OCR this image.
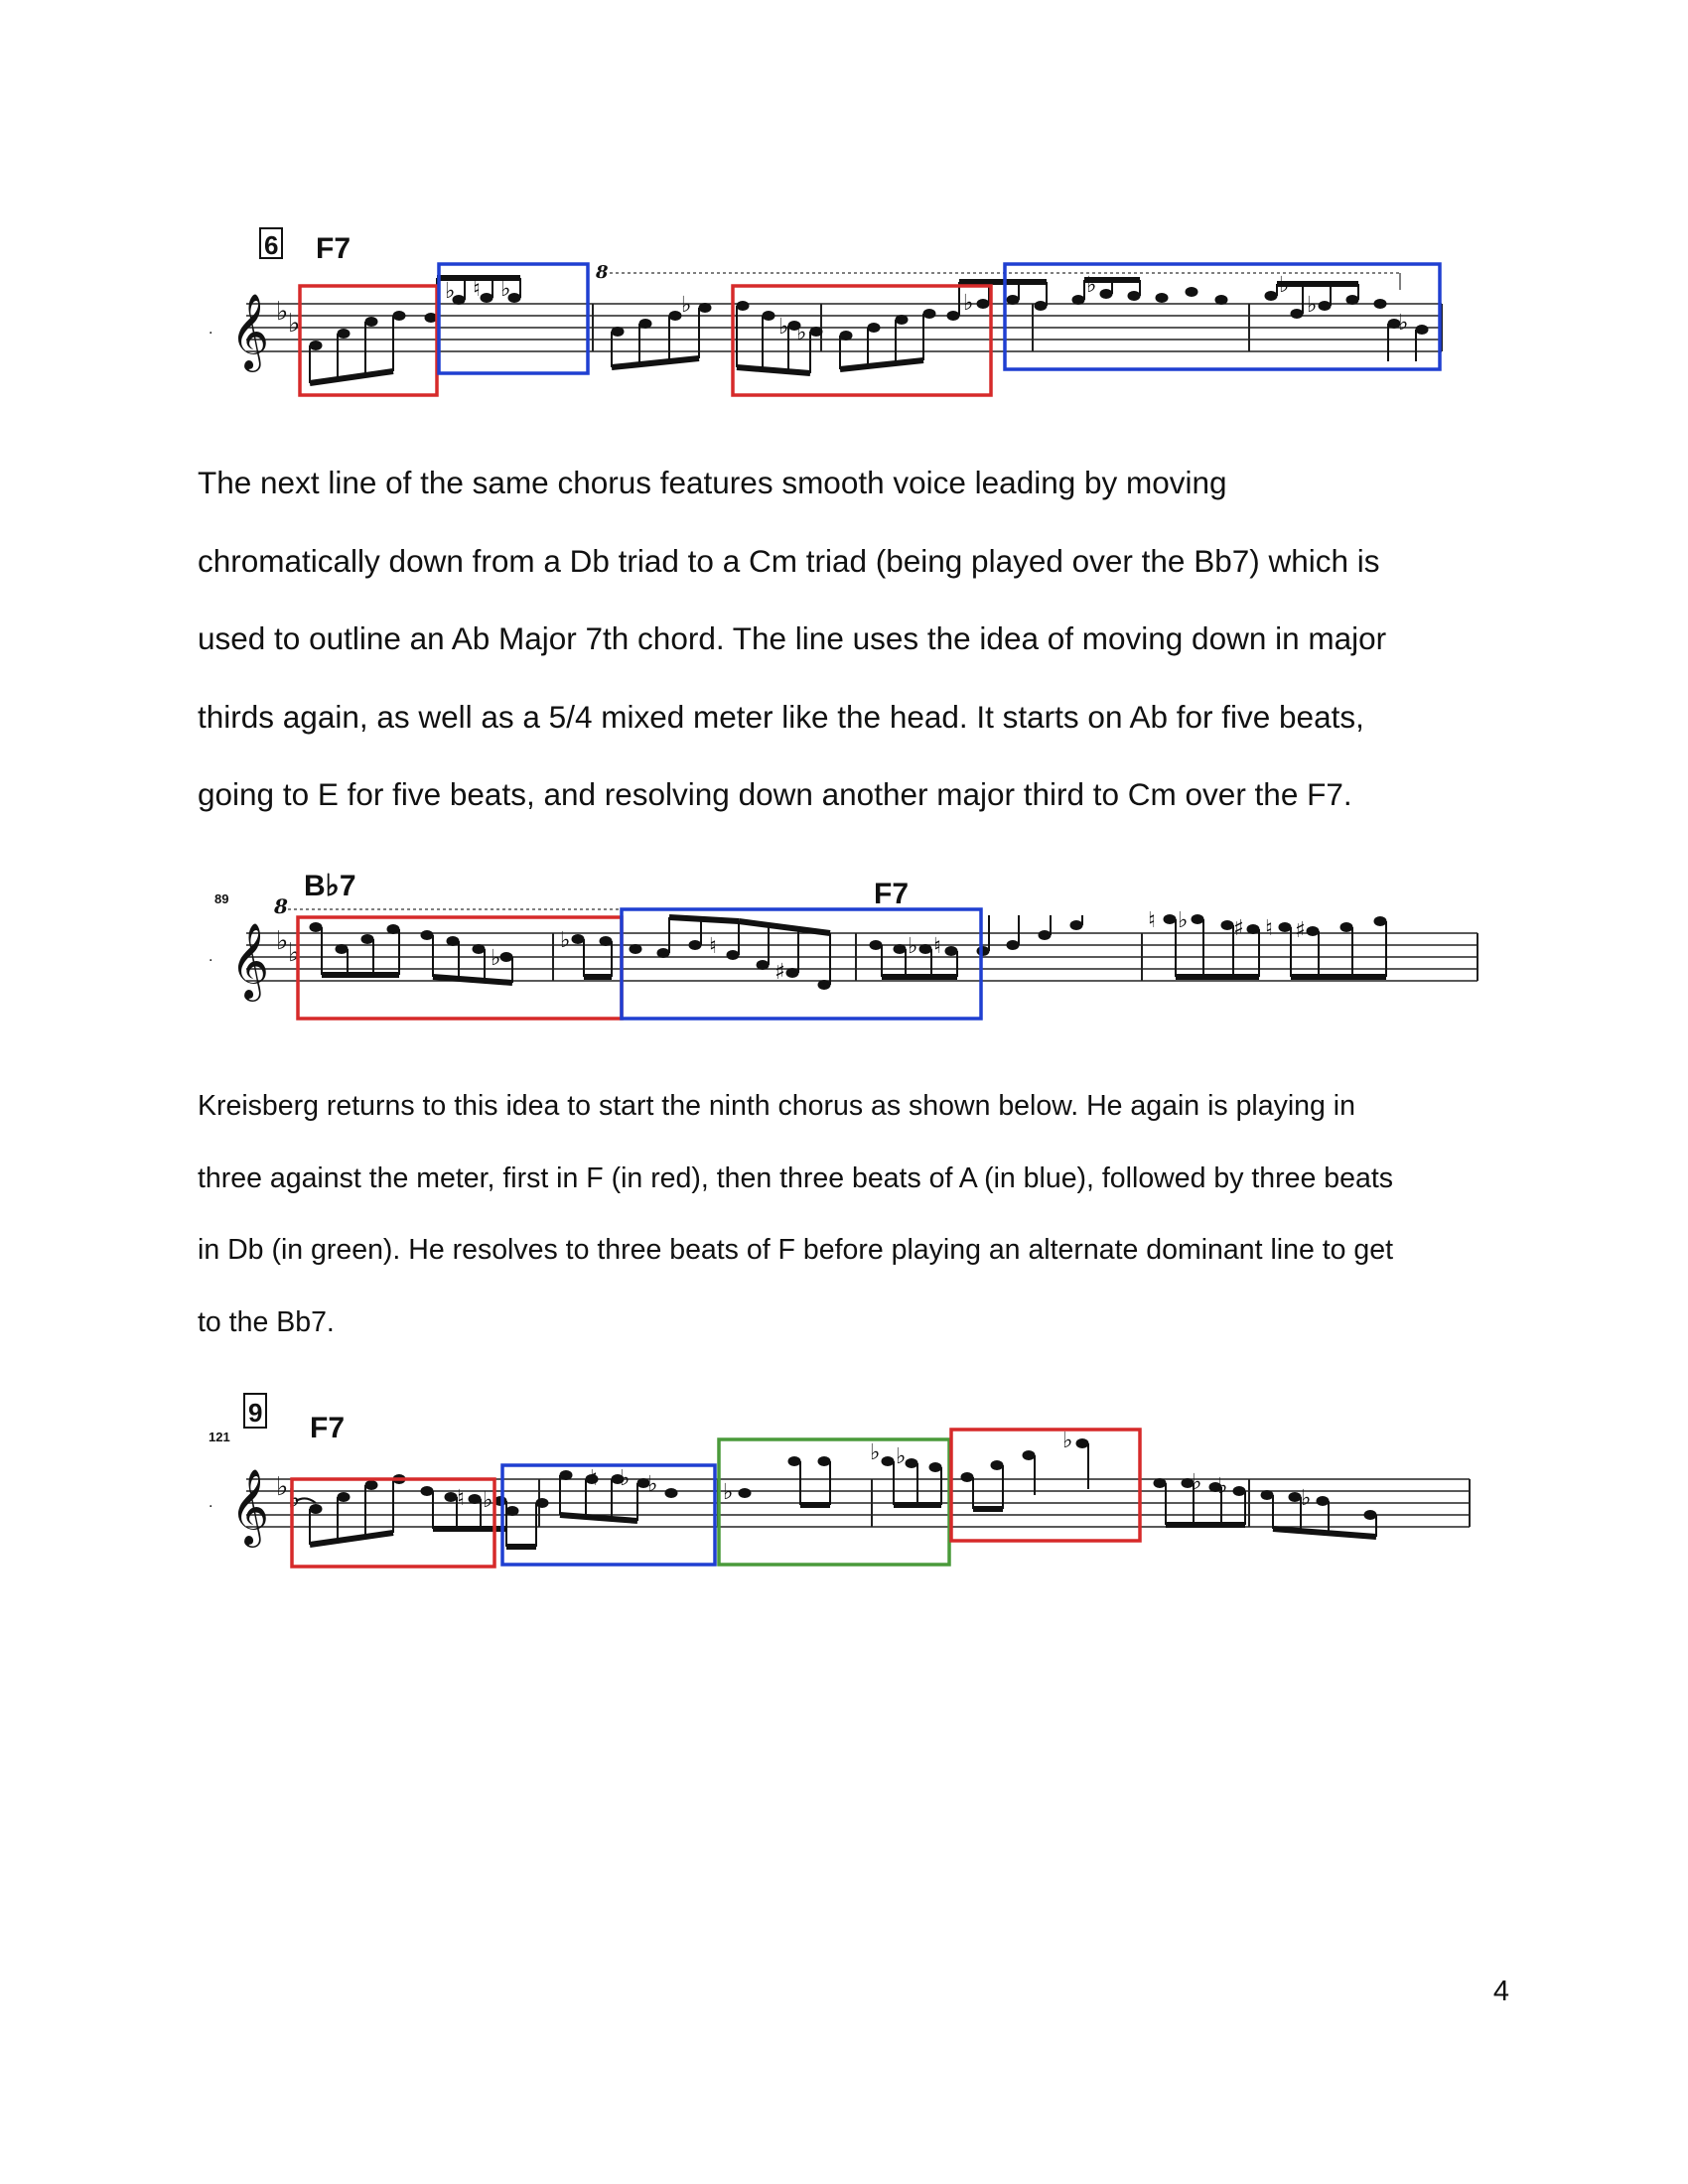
6 F7
8
· 𝄞 ♭ ♭
♭ ♮ ♭
♭
♭ ♭
♭
♭	♭
♭
♭
The next line of the same chorus features smooth voice leading by moving
chromatically down from a Db triad to a Cm triad (being played over the Bb7) which is
used to outline an Ab Major 7th chord. The line uses the idea of moving down in major
thirds again, as well as a 5/4 mixed meter like the head. It starts on Ab for five beats,
going to E for five beats, and resolving down another major third to Cm over the F7.
89 8
B♭7	F7
· 𝄞 ♭ ♭	♭
♭	♮
♯
♭ ♮
♮ ♭ ♯ ♮ ♯
Kreisberg returns to this idea to start the ninth chorus as shown below. He again is playing in
three against the meter, first in F (in red), then three beats of A (in blue), followed by three beats
in Db (in green). He resolves to three beats of F before playing an alternate dominant line to get
to the Bb7.
121
9 F7
· 𝄞 ♭ ♭	♮ ♭
♮ ♭ ♭	♭
♭ ♭
♭
♭ ♭	♭
4
